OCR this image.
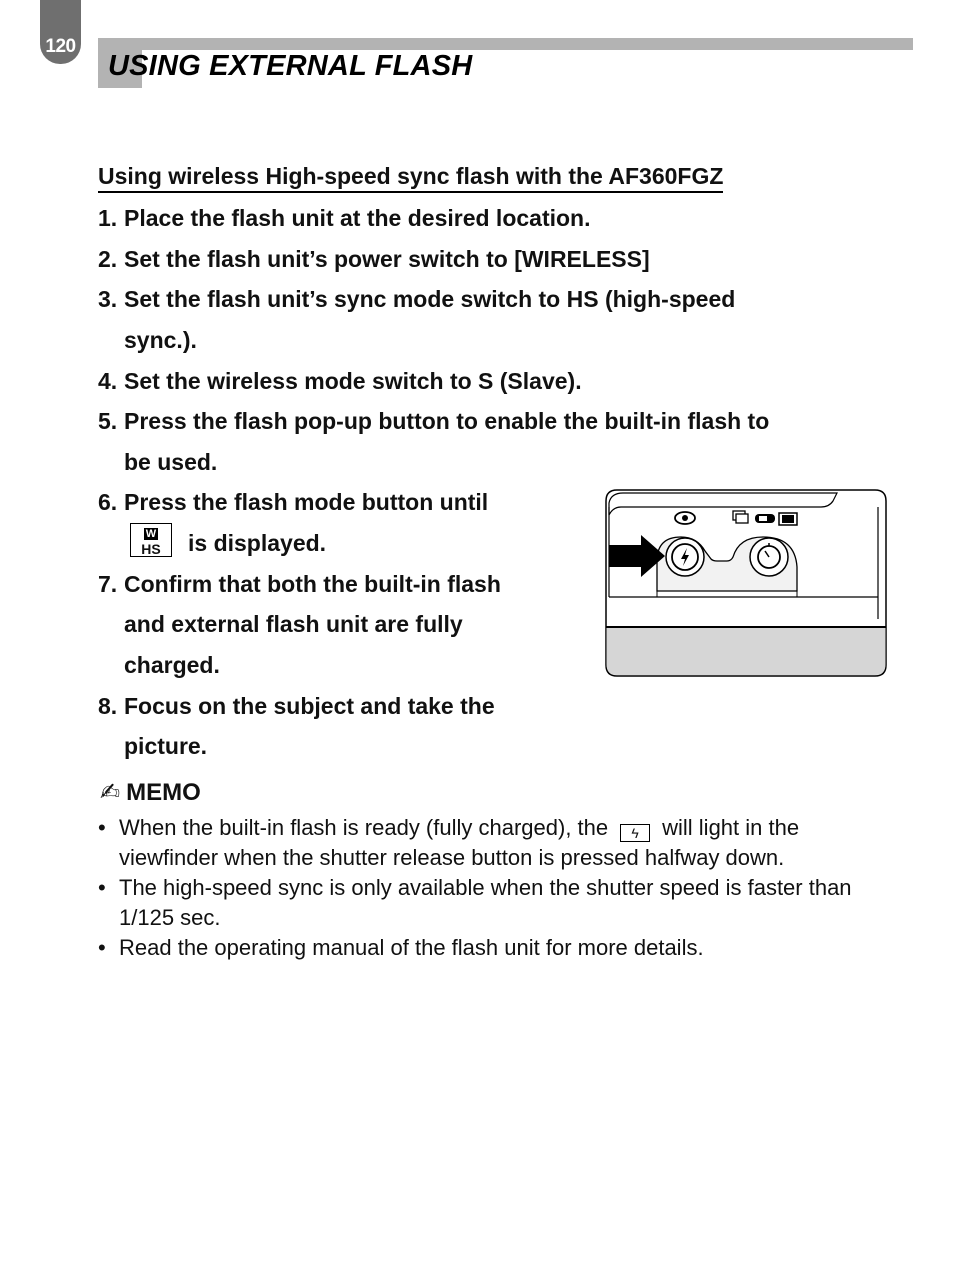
120
USING EXTERNAL FLASH
Using wireless High-speed sync flash with the AF360FGZ
1. Place the flash unit at the desired location.
2. Set the flash unit’s power switch to [WIRELESS]
3. Set the flash unit’s sync mode switch to HS (high-speed
sync.).
4. Set the wireless mode switch to S (Slave).
5. Press the flash pop-up button to enable the built-in flash to
be used.
6. Press the flash mode button until
W
HS	is displayed.
7. Confirm that both the built-in flash
and external flash unit are fully
charged.
8. Focus on the subject and take the
picture.
✍ MEMO
• When the built-in flash is ready (fully charged), the ϟ will light in the viewfinder when the shutter release button is pressed halfway down.
• The high-speed sync is only available when the shutter speed is faster than 1/125 sec.
• Read the operating manual of the flash unit for more details.
